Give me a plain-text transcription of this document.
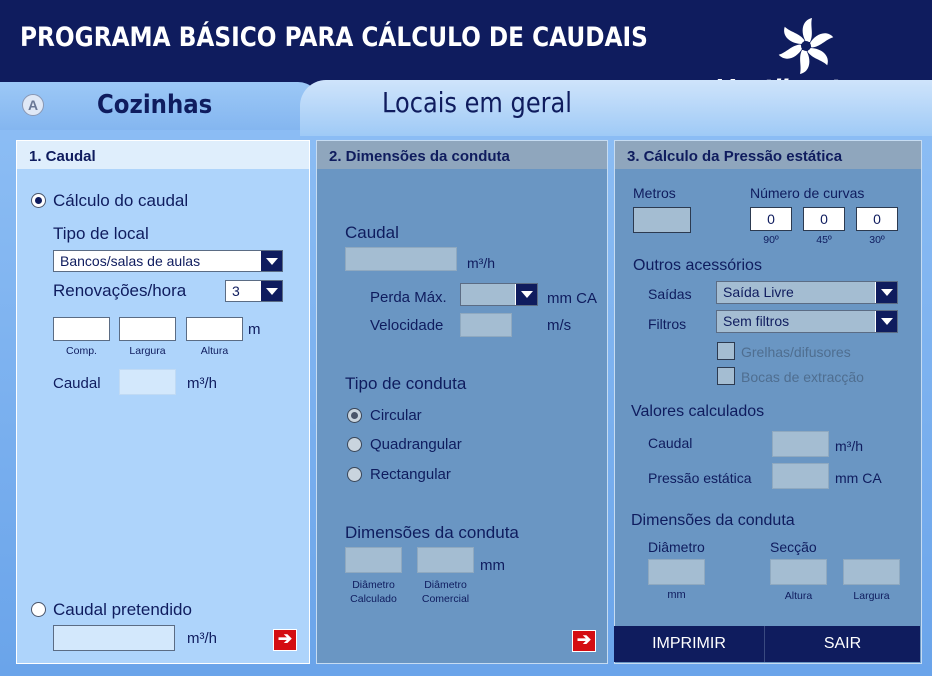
PROGRAMA BÁSICO PARA CÁLCULO DE CAUDAIS
A Cozinhas	Locais em geral
1. Caudal
Cálculo do caudal
Tipo de local
Bancos/salas de aulas
Renovações/hora	3
m
Comp.	Largura	Altura
Caudal	m³/h
Caudal pretendido
m³/h	➔
2. Dimensões da conduta
Caudal
m³/h
Perda Máx.	mm CA
Velocidade	m/s
Tipo de conduta
Circular
Quadrangular
Rectangular
Dimensões da conduta
mm
Diâmetro
Calculado
Diâmetro
Comercial
➔
3. Cálculo da Pressão estática
Metros	Número de curvas
0	0	0
90º	45º	30º
Outros acessórios
Saídas	Saída Livre
Filtros	Sem filtros
Grelhas/difusores
Bocas de extracção
Valores calculados
Caudal	m³/h
Pressão estática	mm CA
Dimensões da conduta
Diâmetro	Secção
mm	Altura	Largura
IMPRIMIR	SAIR
